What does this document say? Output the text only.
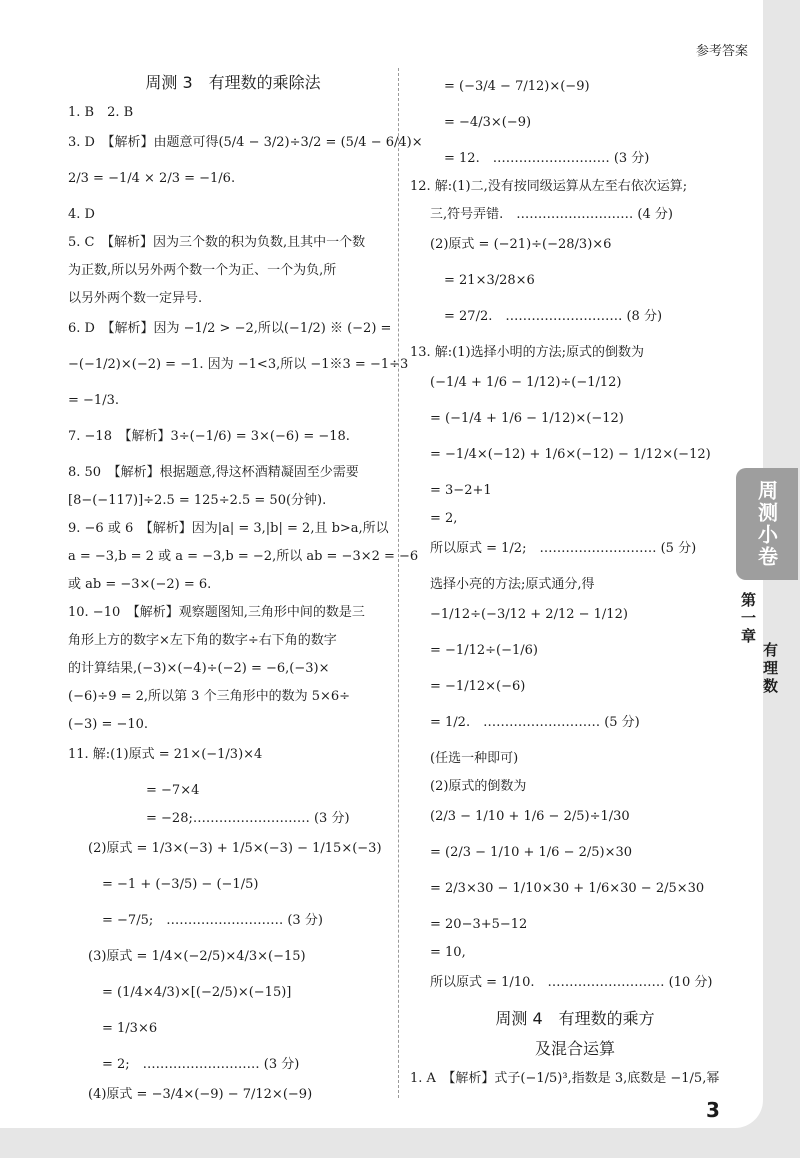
参考答案
周测 3　有理数的乘除法
1. B　2. B
3. D　【解析】由题意可得(5/4 − 3/2)÷3/2 = (5/4 − 6/4)×
2/3 = −1/4 × 2/3 = −1/6.
4. D
5. C　【解析】因为三个数的积为负数,且其中一个数
为正数,所以另外两个数一个为正、一个为负,所
以另外两个数一定异号.
6. D　【解析】因为 −1/2 > −2,所以(−1/2) ※ (−2) =
−(−1/2)×(−2) = −1. 因为 −1<3,所以 −1※3 = −1÷3
= −1/3.
7. −18　【解析】3÷(−1/6) = 3×(−6) = −18.
8. 50　【解析】根据题意,得这杯酒精凝固至少需要
[8−(−117)]÷2.5 = 125÷2.5 = 50(分钟).
9. −6 或 6　【解析】因为|a| = 3,|b| = 2,且 b>a,所以
a = −3,b = 2 或 a = −3,b = −2,所以 ab = −3×2 = −6
或 ab = −3×(−2) = 6.
10. −10　【解析】观察题图知,三角形中间的数是三
角形上方的数字×左下角的数字÷右下角的数字
的计算结果,(−3)×(−4)÷(−2) = −6,(−3)×
(−6)÷9 = 2,所以第 3 个三角形中的数为 5×6÷
(−3) = −10.
11. 解:(1)原式 = 21×(−1/3)×4
= −7×4
= −28;……………………… (3 分)
(2)原式 = 1/3×(−3) + 1/5×(−3) − 1/15×(−3)
= −1 + (−3/5) − (−1/5)
= −7/5;　……………………… (3 分)
(3)原式 = 1/4×(−2/5)×4/3×(−15)
= (1/4×4/3)×[(−2/5)×(−15)]
= 1/3×6
= 2;　……………………… (3 分)
(4)原式 = −3/4×(−9) − 7/12×(−9)
= (−3/4 − 7/12)×(−9)
= −4/3×(−9)
= 12.　……………………… (3 分)
12. 解:(1)二,没有按同级运算从左至右依次运算;
三,符号弄错.　……………………… (4 分)
(2)原式 = (−21)÷(−28/3)×6
= 21×3/28×6
= 27/2.　……………………… (8 分)
13. 解:(1)选择小明的方法;原式的倒数为
(−1/4 + 1/6 − 1/12)÷(−1/12)
= (−1/4 + 1/6 − 1/12)×(−12)
= −1/4×(−12) + 1/6×(−12) − 1/12×(−12)
= 3−2+1
= 2,
所以原式 = 1/2;　……………………… (5 分)
选择小亮的方法;原式通分,得
−1/12÷(−3/12 + 2/12 − 1/12)
= −1/12÷(−1/6)
= −1/12×(−6)
= 1/2.　……………………… (5 分)
(任选一种即可)
(2)原式的倒数为
(2/3 − 1/10 + 1/6 − 2/5)÷1/30
= (2/3 − 1/10 + 1/6 − 2/5)×30
= 2/3×30 − 1/10×30 + 1/6×30 − 2/5×30
= 20−3+5−12
= 10,
所以原式 = 1/10.　……………………… (10 分)
周测 4　有理数的乘方
及混合运算
1. A　【解析】式子(−1/5)³,指数是 3,底数是 −1/5,幂
周测小卷
第一章
有理数
3
